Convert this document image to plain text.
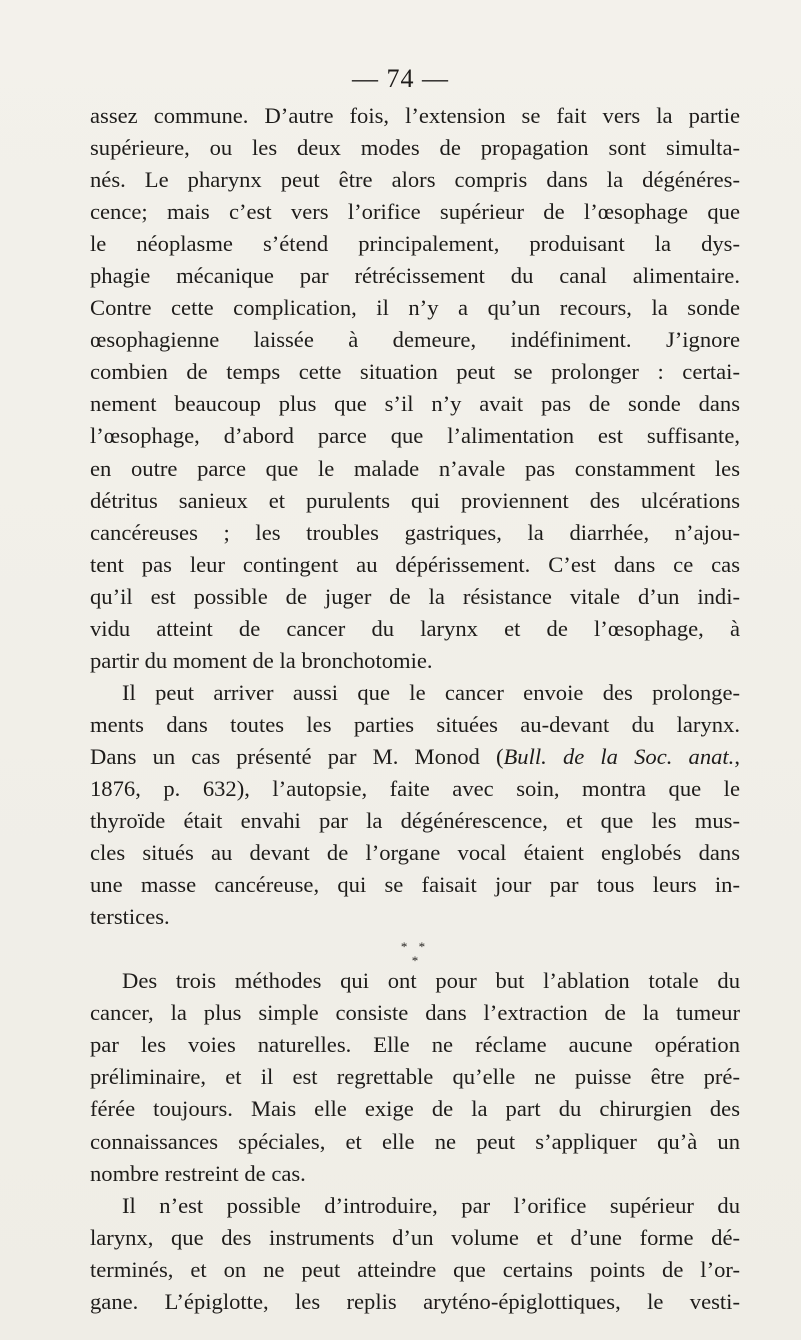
— 74 —
assez commune. D’autre fois, l’extension se fait vers la partie
supérieure, ou les deux modes de propagation sont simulta-
nés. Le pharynx peut être alors compris dans la dégénéres-
cence; mais c’est vers l’orifice supérieur de l’œsophage que
le néoplasme s’étend principalement, produisant la dys-
phagie mécanique par rétrécissement du canal alimentaire.
Contre cette complication, il n’y a qu’un recours, la sonde
œsophagienne laissée à demeure, indéfiniment. J’ignore
combien de temps cette situation peut se prolonger : certai-
nement beaucoup plus que s’il n’y avait pas de sonde dans
l’œsophage, d’abord parce que l’alimentation est suffisante,
en outre parce que le malade n’avale pas constamment les
détritus sanieux et purulents qui proviennent des ulcérations
cancéreuses ; les troubles gastriques, la diarrhée, n’ajou-
tent pas leur contingent au dépérissement. C’est dans ce cas
qu’il est possible de juger de la résistance vitale d’un indi-
vidu atteint de cancer du larynx et de l’œsophage, à
partir du moment de la bronchotomie.
Il peut arriver aussi que le cancer envoie des prolonge-
ments dans toutes les parties situées au-devant du larynx.
Dans un cas présenté par M. Monod (Bull. de la Soc. anat.,
1876, p. 632), l’autopsie, faite avec soin, montra que le
thyroïde était envahi par la dégénérescence, et que les mus-
cles situés au devant de l’organe vocal étaient englobés dans
une masse cancéreuse, qui se faisait jour par tous leurs in-
terstices.
* *
*
Des trois méthodes qui ont pour but l’ablation totale du
cancer, la plus simple consiste dans l’extraction de la tumeur
par les voies naturelles. Elle ne réclame aucune opération
préliminaire, et il est regrettable qu’elle ne puisse être pré-
férée toujours. Mais elle exige de la part du chirurgien des
connaissances spéciales, et elle ne peut s’appliquer qu’à un
nombre restreint de cas.
Il n’est possible d’introduire, par l’orifice supérieur du
larynx, que des instruments d’un volume et d’une forme dé-
terminés, et on ne peut atteindre que certains points de l’or-
gane. L’épiglotte, les replis aryténo-épiglottiques, le vesti-
